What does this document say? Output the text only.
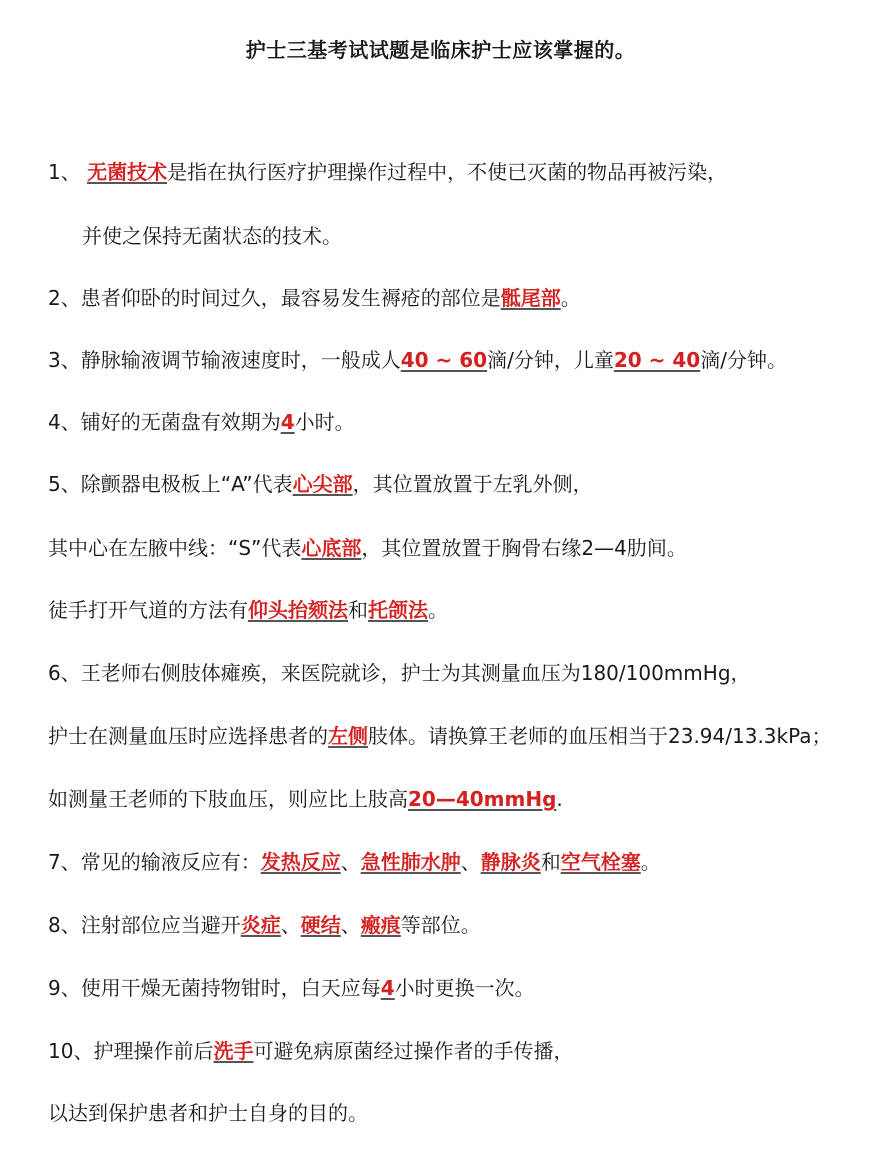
护士三基考试试题是临床护士应该掌握的。
1、 无菌技术是指在执行医疗护理操作过程中，不使已灭菌的物品再被污染，
并使之保持无菌状态的技术。
2、患者仰卧的时间过久，最容易发生褥疮的部位是骶尾部。
3、静脉输液调节输液速度时，一般成人40 ~ 60滴/分钟，儿童20 ~ 40滴/分钟。
4、铺好的无菌盘有效期为4小时。
5、除颤器电极板上“A”代表心尖部，其位置放置于左乳外侧，
其中心在左腋中线：“S”代表心底部，其位置放置于胸骨右缘2—4肋间。
徒手打开气道的方法有仰头抬颏法和托颌法。
6、王老师右侧肢体瘫痪，来医院就诊，护士为其测量血压为180/100mmHg，
护士在测量血压时应选择患者的左侧肢体。请换算王老师的血压相当于23.94/13.3kPa；
如测量王老师的下肢血压，则应比上肢高20—40mmHg.
7、常见的输液反应有：发热反应、急性肺水肿、静脉炎和空气栓塞。
8、注射部位应当避开炎症、硬结、瘢痕等部位。
9、使用干燥无菌持物钳时，白天应每4小时更换一次。
10、护理操作前后洗手可避免病原菌经过操作者的手传播，
以达到保护患者和护士自身的目的。
